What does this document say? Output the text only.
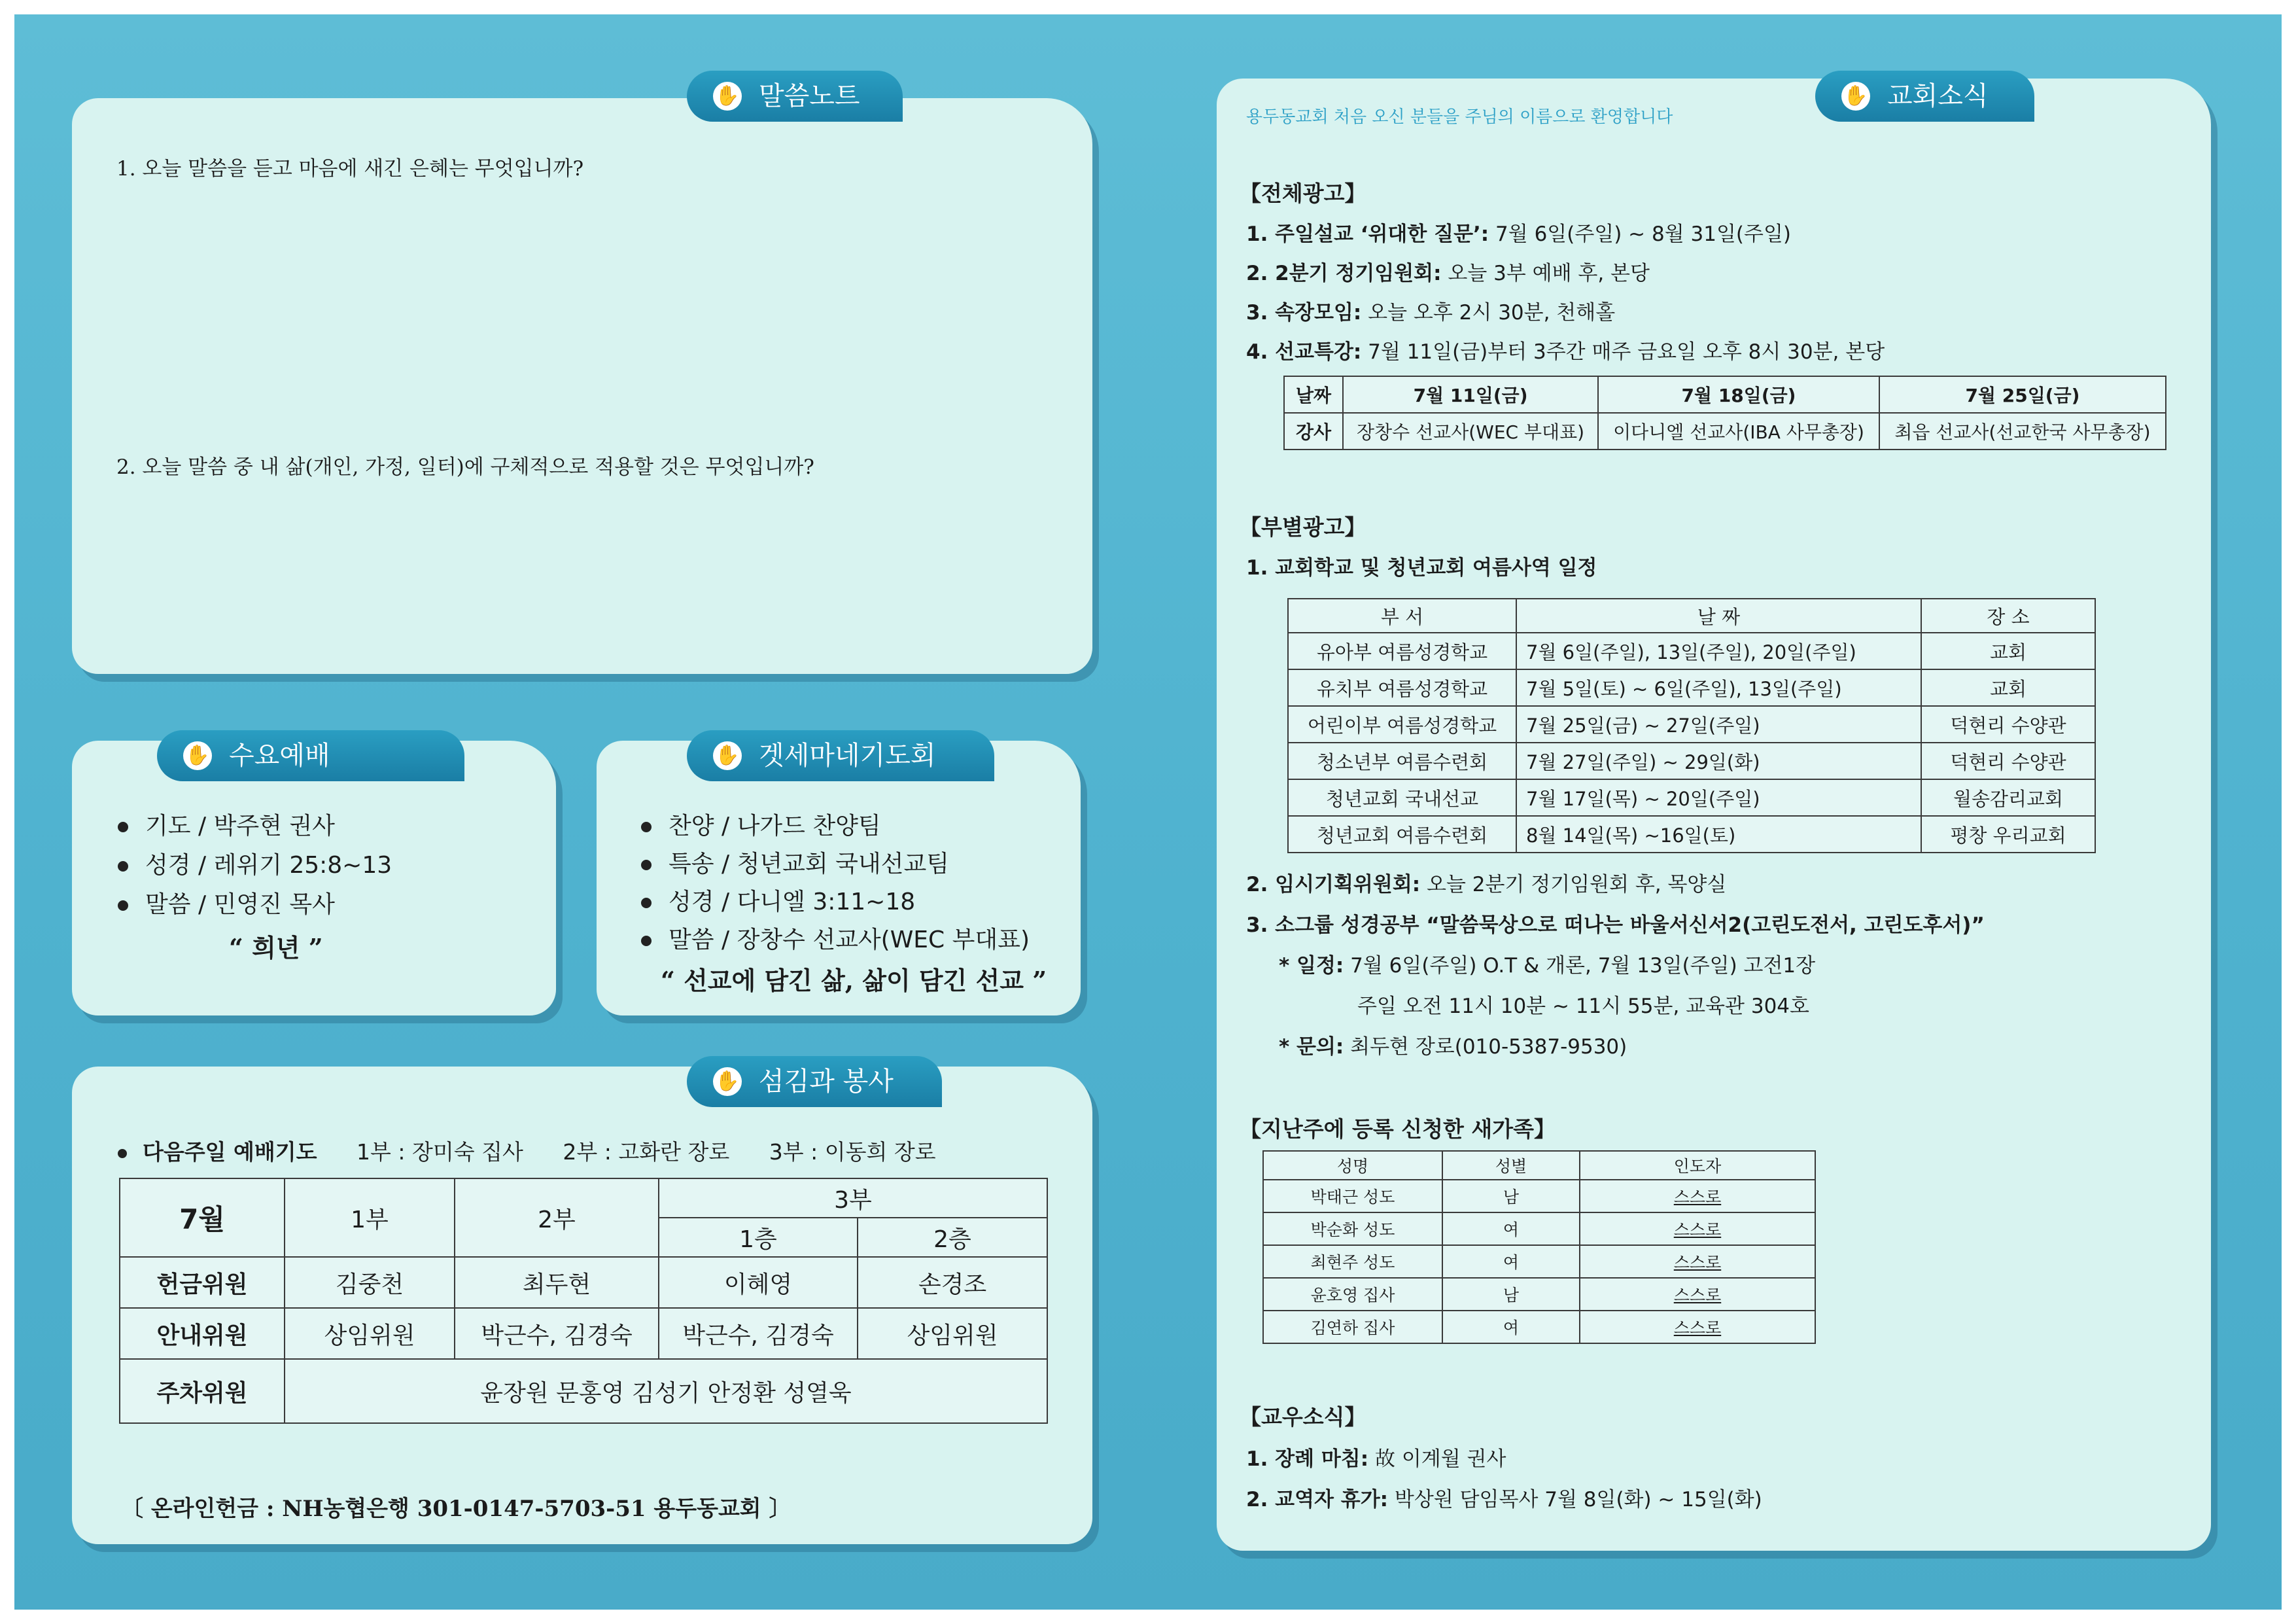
✋ 말씀노트
1. 오늘 말씀을 듣고 마음에 새긴 은혜는 무엇입니까?
2. 오늘 말씀 중 내 삶(개인, 가정, 일터)에 구체적으로 적용할 것은 무엇입니까?
✋ 수요예배
기도 / 박주현 권사
성경 / 레위기 25:8~13
말씀 / 민영진 목사
“ 희년 ”
✋ 겟세마네기도회
찬양 / 나가드 찬양팀
특송 / 청년교회 국내선교팀
성경 / 다니엘 3:11~18
말씀 / 장창수 선교사(WEC 부대표)
“ 선교에 담긴 삶, 삶이 담긴 선교 ”
✋ 섬김과 봉사
다음주일 예배기도 1부 : 장미숙 집사 2부 : 고화란 장로 3부 : 이동희 장로
7월	1부	2부	3부	
			1층	2층
헌금위원	김중천	최두현	이혜영	손경조
안내위원	상임위원	박근수, 김경숙	박근수, 김경숙	상임위원
주차위원	윤장원 문홍영 김성기 안정환 성열욱			
〔 온라인헌금 : NH농협은행 301-0147-5703-51 용두동교회 〕
✋ 교회소식
용두동교회 처음 오신 분들을 주님의 이름으로 환영합니다
【전체광고】
1. 주일설교 ‘위대한 질문’: 7월 6일(주일) ~ 8월 31일(주일)
2. 2분기 정기임원회: 오늘 3부 예배 후, 본당
3. 속장모임: 오늘 오후 2시 30분, 천해홀
4. 선교특강: 7월 11일(금)부터 3주간 매주 금요일 오후 8시 30분, 본당
날짜	7월 11일(금)	7월 18일(금)	7월 25일(금)
강사	장창수 선교사(WEC 부대표)	이다니엘 선교사(IBA 사무총장)	최읍 선교사(선교한국 사무총장)
【부별광고】
1. 교회학교 및 청년교회 여름사역 일정
부 서	날 짜	장 소
유아부 여름성경학교	7월 6일(주일), 13일(주일), 20일(주일)	교회
유치부 여름성경학교	7월 5일(토) ~ 6일(주일), 13일(주일)	교회
어린이부 여름성경학교	7월 25일(금) ~ 27일(주일)	덕현리 수양관
청소년부 여름수련회	7월 27일(주일) ~ 29일(화)	덕현리 수양관
청년교회 국내선교	7월 17일(목) ~ 20일(주일)	월송감리교회
청년교회 여름수련회	8월 14일(목) ~16일(토)	평창 우리교회
2. 임시기획위원회: 오늘 2분기 정기임원회 후, 목양실
3. 소그룹 성경공부 “말씀묵상으로 떠나는 바울서신서2(고린도전서, 고린도후서)”
* 일정: 7월 6일(주일) O.T & 개론, 7월 13일(주일) 고전1장
주일 오전 11시 10분 ~ 11시 55분, 교육관 304호
* 문의: 최두현 장로(010-5387-9530)
【지난주에 등록 신청한 새가족】
성명	성별	인도자
박태근 성도	남	스스로
박순화 성도	여	스스로
최현주 성도	여	스스로
윤호영 집사	남	스스로
김연하 집사	여	스스로
【교우소식】
1. 장례 마침: 故 이계월 권사
2. 교역자 휴가: 박상원 담임목사 7월 8일(화) ~ 15일(화)
